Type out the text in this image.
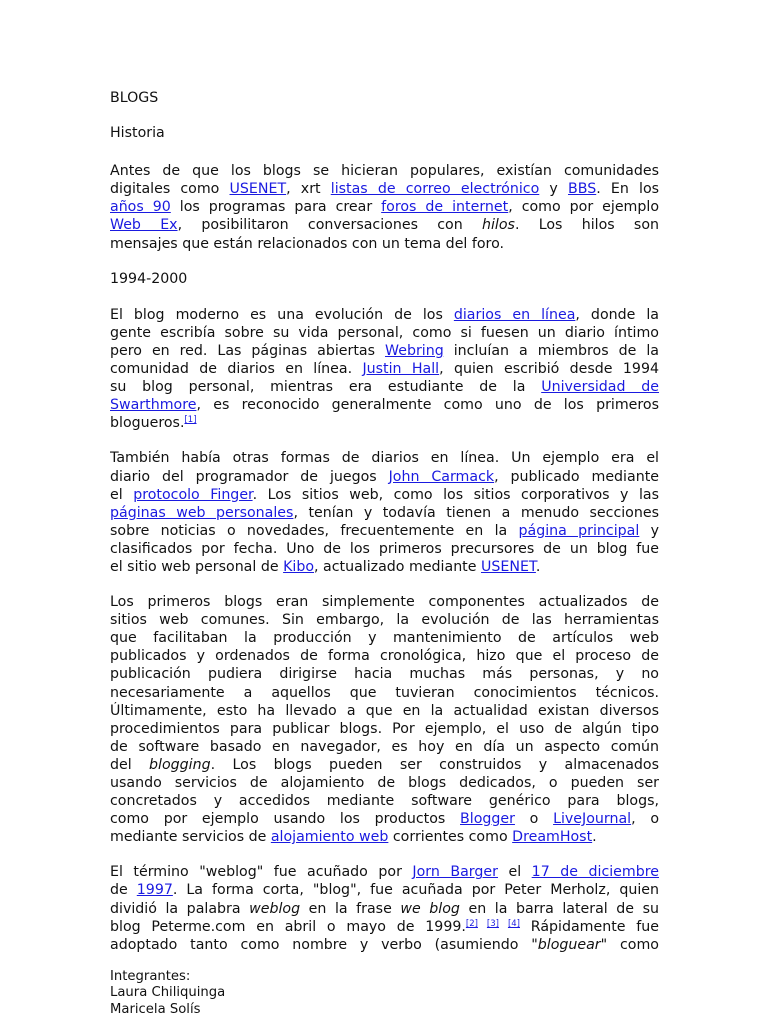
BLOGS
Historia
Antes de que los blogs se hicieran populares, existían comunidades
digitales como USENET, xrt listas de correo electrónico y BBS. En los
años 90 los programas para crear foros de internet, como por ejemplo
Web Ex, posibilitaron conversaciones con hilos. Los hilos son
mensajes que están relacionados con un tema del foro.
1994-2000
El blog moderno es una evolución de los diarios en línea, donde la
gente escribía sobre su vida personal, como si fuesen un diario íntimo
pero en red. Las páginas abiertas Webring incluían a miembros de la
comunidad de diarios en línea. Justin Hall, quien escribió desde 1994
su blog personal, mientras era estudiante de la Universidad de
Swarthmore, es reconocido generalmente como uno de los primeros
blogueros.[1]
También había otras formas de diarios en línea. Un ejemplo era el
diario del programador de juegos John Carmack, publicado mediante
el protocolo Finger. Los sitios web, como los sitios corporativos y las
páginas web personales, tenían y todavía tienen a menudo secciones
sobre noticias o novedades, frecuentemente en la página principal y
clasificados por fecha. Uno de los primeros precursores de un blog fue
el sitio web personal de Kibo, actualizado mediante USENET.
Los primeros blogs eran simplemente componentes actualizados de
sitios web comunes. Sin embargo, la evolución de las herramientas
que facilitaban la producción y mantenimiento de artículos web
publicados y ordenados de forma cronológica, hizo que el proceso de
publicación pudiera dirigirse hacia muchas más personas, y no
necesariamente a aquellos que tuvieran conocimientos técnicos.
Últimamente, esto ha llevado a que en la actualidad existan diversos
procedimientos para publicar blogs. Por ejemplo, el uso de algún tipo
de software basado en navegador, es hoy en día un aspecto común
del blogging. Los blogs pueden ser construidos y almacenados
usando servicios de alojamiento de blogs dedicados, o pueden ser
concretados y accedidos mediante software genérico para blogs,
como por ejemplo usando los productos Blogger o LiveJournal, o
mediante servicios de alojamiento web corrientes como DreamHost.
El término "weblog" fue acuñado por Jorn Barger el 17 de diciembre
de 1997. La forma corta, "blog", fue acuñada por Peter Merholz, quien
dividió la palabra weblog en la frase we blog en la barra lateral de su
blog Peterme.com en abril o mayo de 1999.[2] [3] [4] Rápidamente fue
adoptado tanto como nombre y verbo (asumiendo "bloguear" como
Integrantes:
Laura Chiliquinga
Maricela Solís
